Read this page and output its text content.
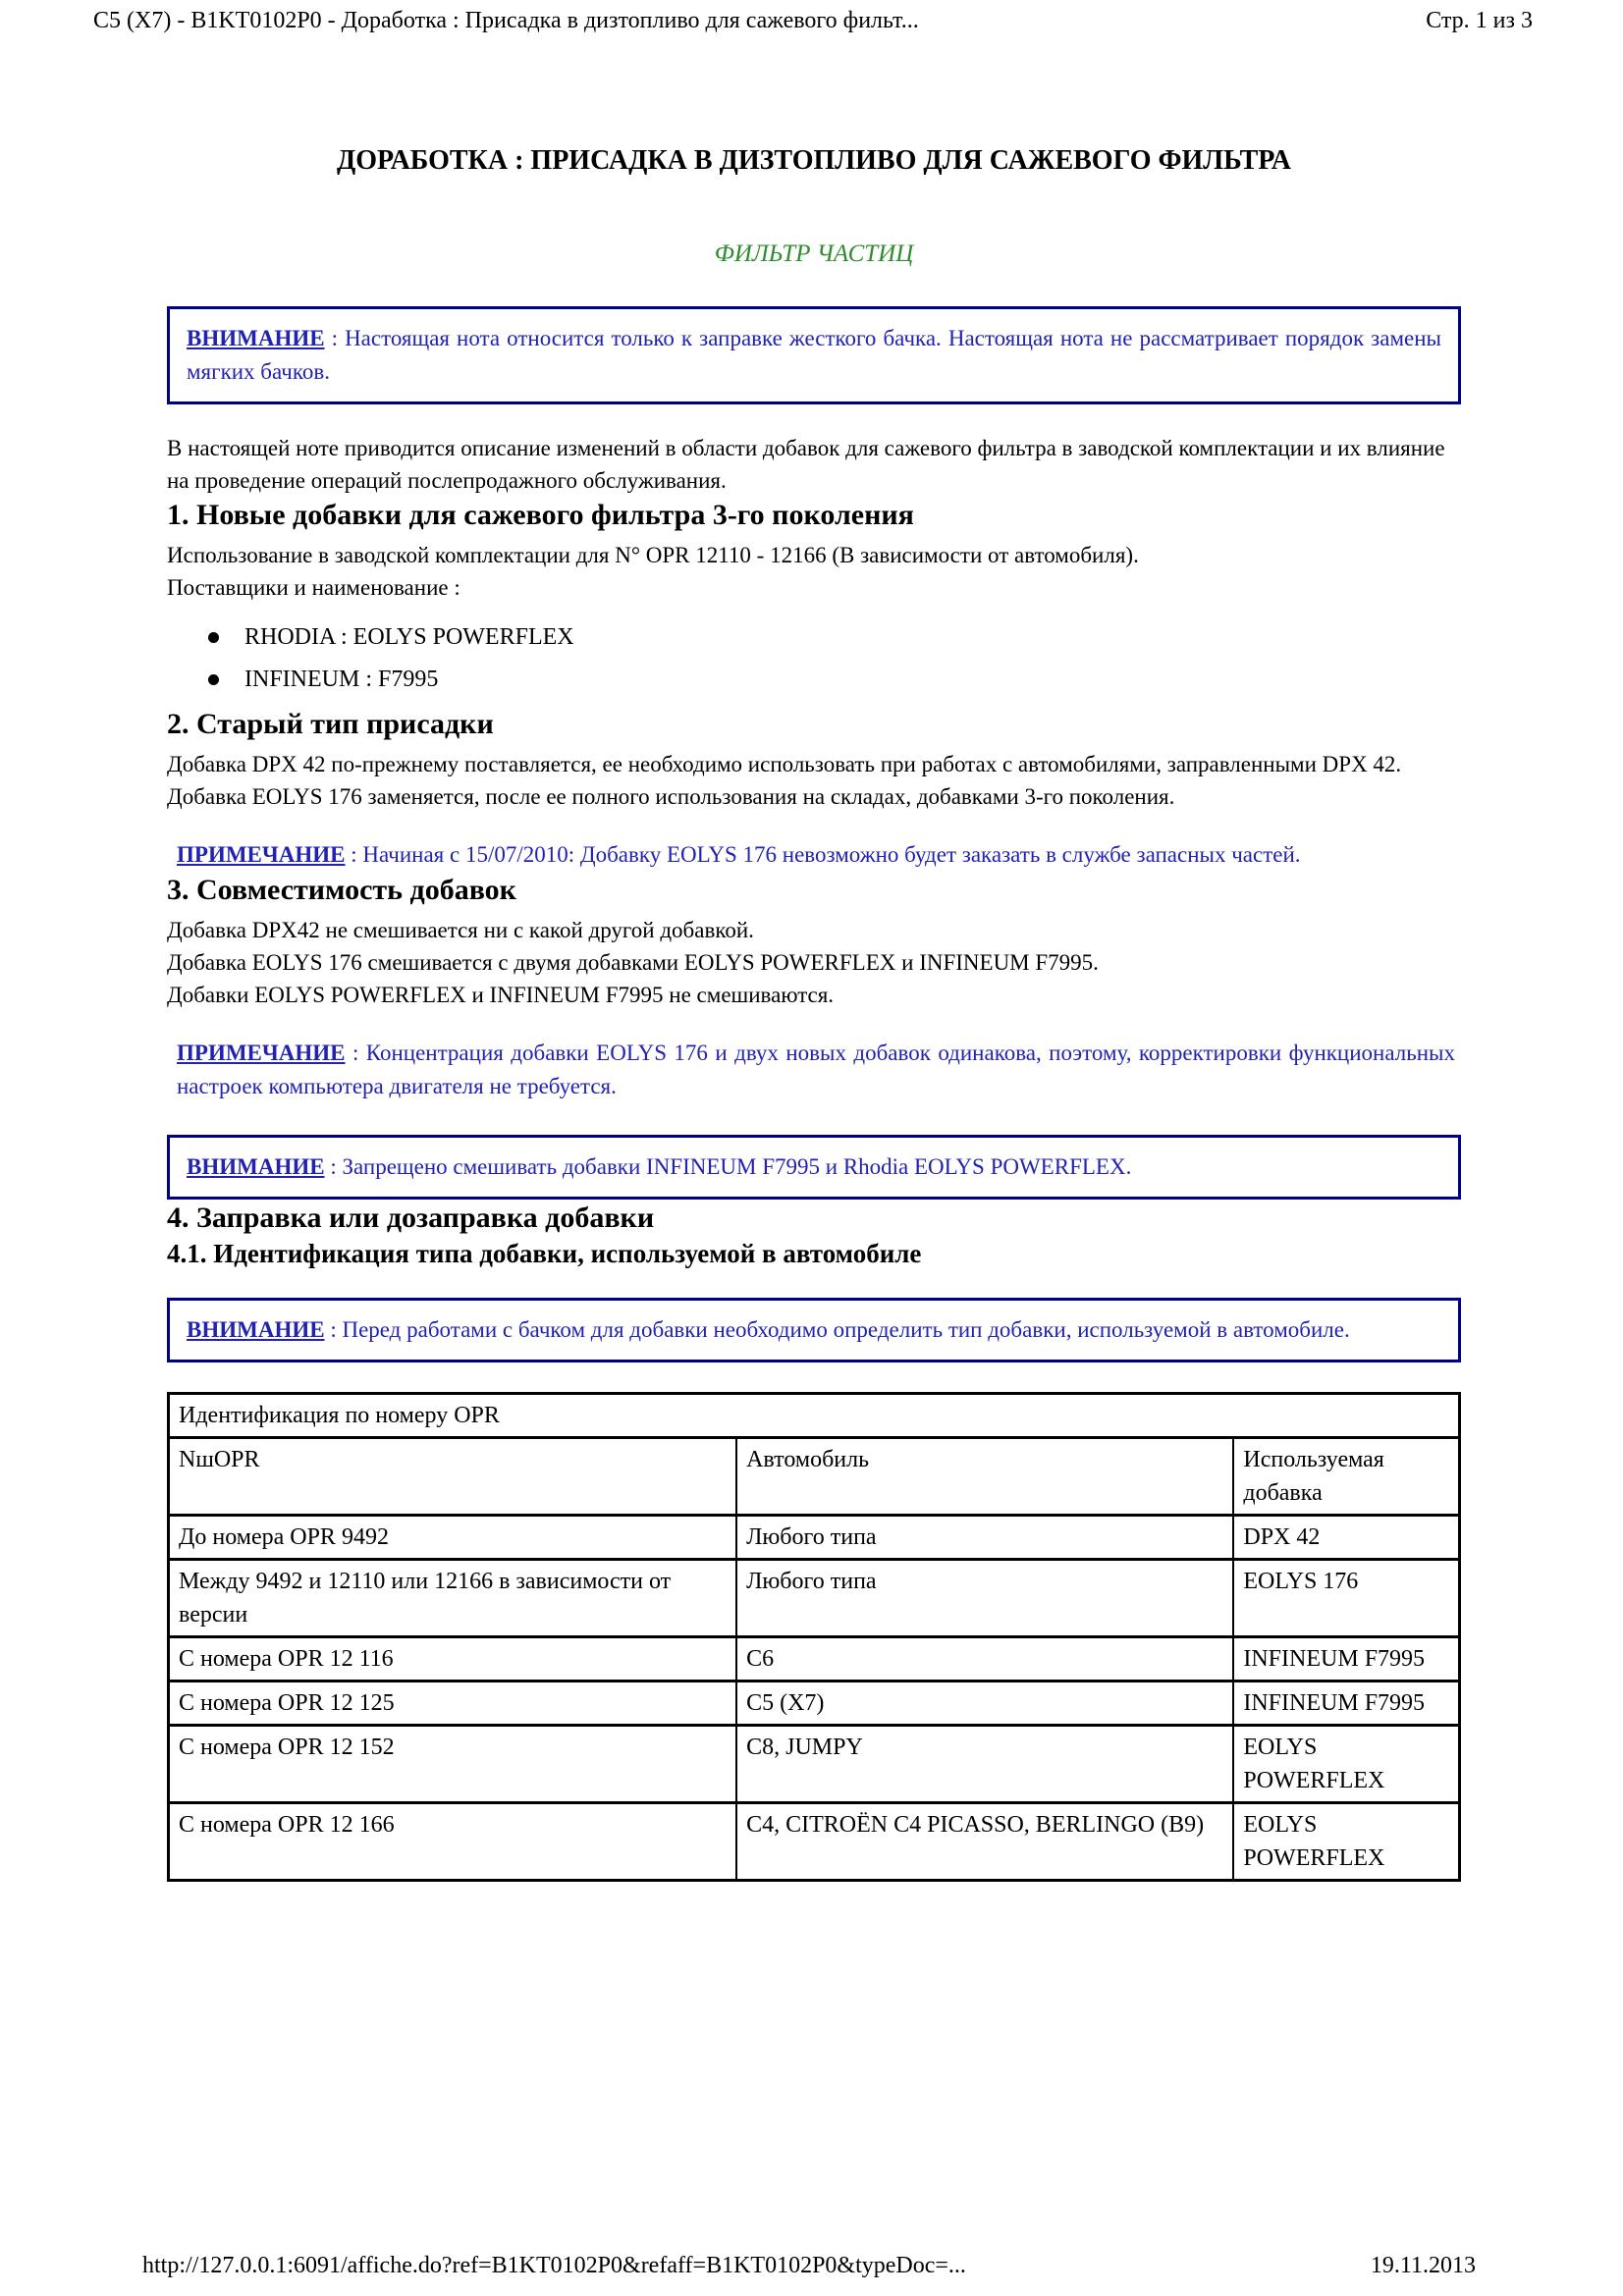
C5 (X7) - B1KT0102P0 - Доработка : Присадка в дизтопливо для сажевого фильт...	Стр. 1 из 3
ДОРАБОТКА : ПРИСАДКА В ДИЗТОПЛИВО ДЛЯ САЖЕВОГО ФИЛЬТРА
ФИЛЬТР ЧАСТИЦ
ВНИМАНИЕ : Настоящая нота относится только к заправке жесткого бачка. Настоящая нота не рассматривает порядок замены мягких бачков.

В настоящей ноте приводится описание изменений в области добавок для сажевого фильтра в заводской комплектации и их влияние на проведение операций послепродажного обслуживания.

1. Новые добавки для сажевого фильтра 3-го поколения

Использование в заводской комплектации для N° OPR 12110 - 12166 (В зависимости от автомобиля).

Поставщики и наименование :

RHODIA : EOLYS POWERFLEX
INFINEUM : F7995
2. Старый тип присадки

Добавка DPX 42 по-прежнему поставляется, ее необходимо использовать при работах с автомобилями, заправленными DPX 42.

Добавка EOLYS 176 заменяется, после ее полного использования на складах, добавками 3-го поколения.

ПРИМЕЧАНИЕ : Начиная с 15/07/2010: Добавку EOLYS 176 невозможно будет заказать в службе запасных частей.
3. Совместимость добавок

Добавка DPX42 не смешивается ни с какой другой добавкой.

Добавка EOLYS 176 смешивается с двумя добавками EOLYS POWERFLEX и INFINEUM F7995.

Добавки EOLYS POWERFLEX и INFINEUM F7995 не смешиваются.

ПРИМЕЧАНИЕ : Концентрация добавки EOLYS 176 и двух новых добавок одинакова, поэтому, корректировки функциональных настроек компьютера двигателя не требуется.
ВНИМАНИЕ : Запрещено смешивать добавки INFINEUM F7995 и Rhodia EOLYS POWERFLEX.
4. Заправка или дозаправка добавки
4.1. Идентификация типа добавки, используемой в автомобиле
ВНИМАНИЕ : Перед работами с бачком для добавки необходимо определить тип добавки, используемой в автомобиле.
Идентификация по номеру OPR		
NшOPR	Автомобиль	Используемая добавка
До номера OPR 9492	Любого типа	DPX 42
Между 9492 и 12110 или 12166 в зависимости от версии	Любого типа	EOLYS 176
С номера OPR 12 116	C6	INFINEUM F7995
С номера OPR 12 125	C5 (X7)	INFINEUM F7995
С номера OPR 12 152	C8, JUMPY	EOLYS POWERFLEX
С номера OPR 12 166	C4, CITROËN C4 PICASSO, BERLINGO (B9)	EOLYS POWERFLEX
http://127.0.0.1:6091/affiche.do?ref=B1KT0102P0&refaff=B1KT0102P0&typeDoc=...	19.11.2013
